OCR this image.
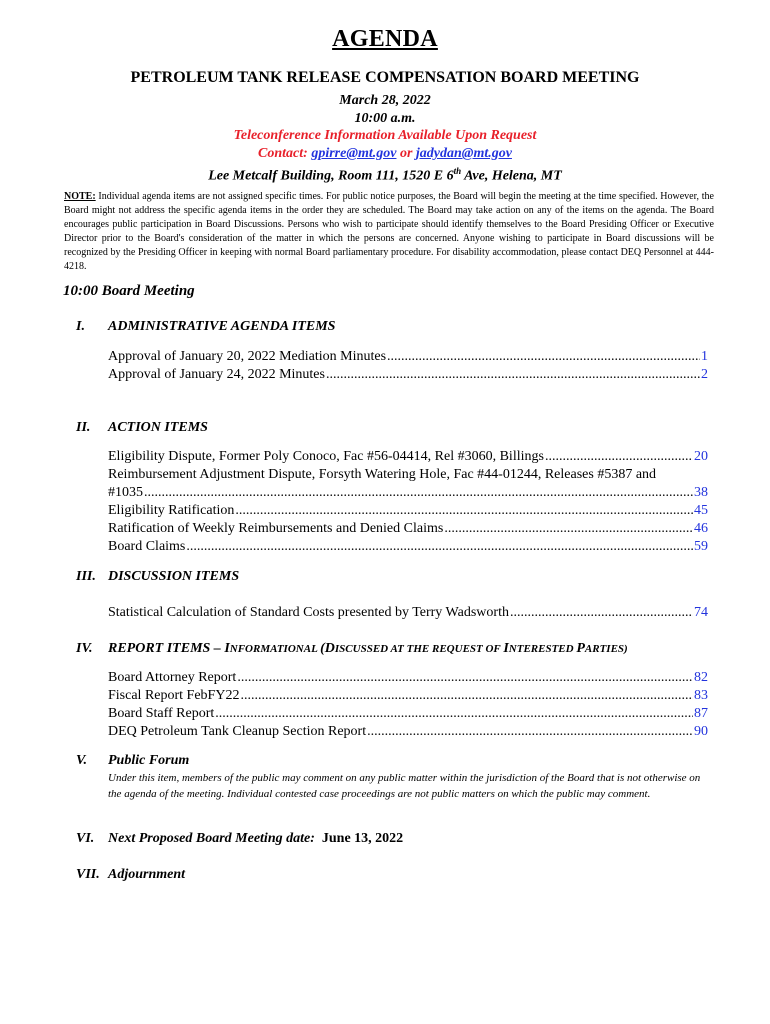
AGENDA
PETROLEUM TANK RELEASE COMPENSATION BOARD MEETING
March 28, 2022
10:00 a.m.
Teleconference Information Available Upon Request
Contact: gpirre@mt.gov or jadydan@mt.gov
Lee Metcalf Building, Room 111, 1520 E 6th Ave, Helena, MT
NOTE: Individual agenda items are not assigned specific times. For public notice purposes, the Board will begin the meeting at the time specified. However, the Board might not address the specific agenda items in the order they are scheduled. The Board may take action on any of the items on the agenda. The Board encourages public participation in Board Discussions. Persons who wish to participate should identify themselves to the Board Presiding Officer or Executive Director prior to the Board's consideration of the matter in which the persons are concerned. Anyone wishing to participate in Board discussions will be recognized by the Presiding Officer in keeping with normal Board parliamentary procedure. For disability accommodation, please contact DEQ Personnel at 444-4218.
10:00 Board Meeting
I. ADMINISTRATIVE AGENDA ITEMS
Approval of January 20, 2022 Mediation Minutes .....	1
Approval of January 24, 2022 Minutes .....	2
II. ACTION ITEMS
Eligibility Dispute, Former Poly Conoco, Fac #56-04414, Rel #3060, Billings .....	20
Reimbursement Adjustment Dispute, Forsyth Watering Hole, Fac #44-01244, Releases #5387 and
#1035 .....	38
Eligibility Ratification .....	45
Ratification of Weekly Reimbursements and Denied Claims .....	46
Board Claims .....	59
III. DISCUSSION ITEMS
Statistical Calculation of Standard Costs presented by Terry Wadsworth .....	74
IV. REPORT ITEMS – INFORMATIONAL (DISCUSSED AT THE REQUEST OF INTERESTED PARTIES)
Board Attorney Report .....	82
Fiscal Report FebFY22 .....	83
Board Staff Report .....	87
DEQ Petroleum Tank Cleanup Section Report .....	90
V. Public Forum
Under this item, members of the public may comment on any public matter within the jurisdiction of the Board that is not otherwise on the agenda of the meeting. Individual contested case proceedings are not public matters on which the public may comment.
VI. Next Proposed Board Meeting date: June 13, 2022
VII. Adjournment
